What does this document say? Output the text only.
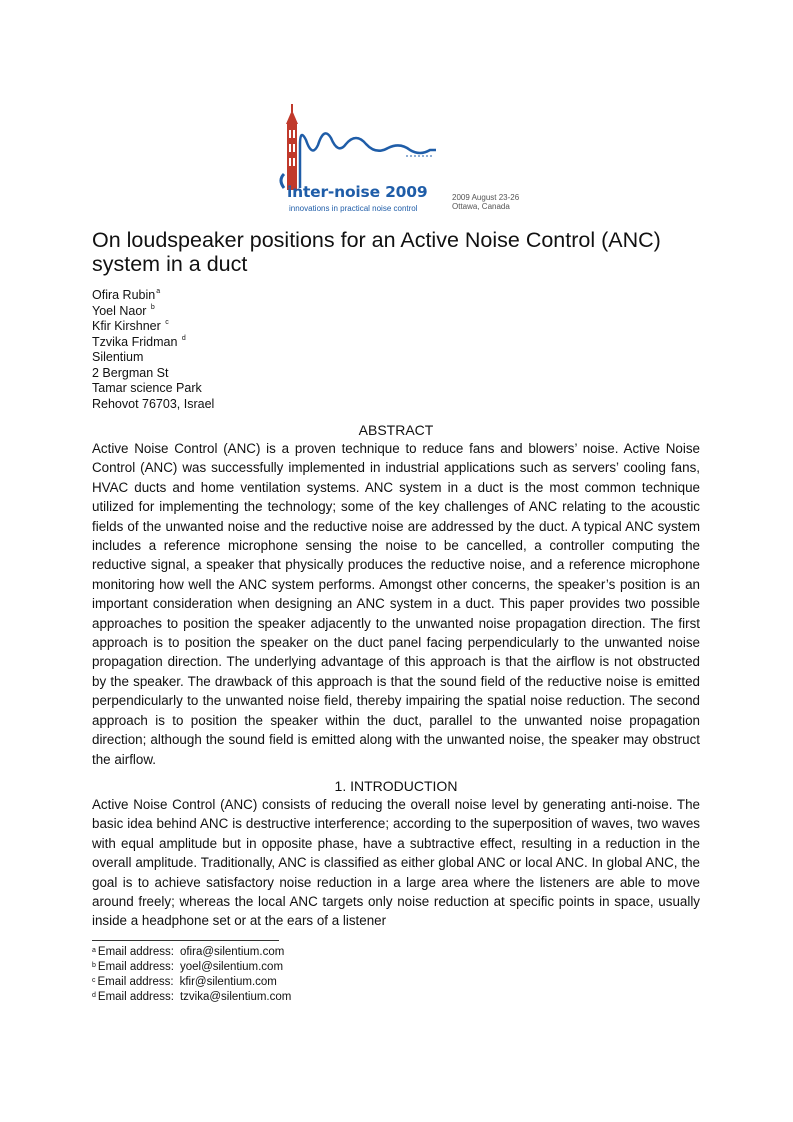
inter-noise 2009
innovations in practical noise control
2009 August 23-26
Ottawa, Canada
On loudspeaker positions for an Active Noise Control (ANC) system in a duct
Ofira Rubin$^a$
Yoel Naor $^b$
Kfir Kirshner $^c$
Tzvika Fridman $^d$
Silentium
2 Bergman St
Tamar science Park
Rehovot 76703, Israel
ABSTRACT

Active Noise Control (ANC) is a proven technique to reduce fans and blowers’ noise. Active Noise Control (ANC) was successfully implemented in industrial applications such as servers’ cooling fans, HVAC ducts and home ventilation systems. ANC system in a duct is the most common technique utilized for implementing the technology; some of the key challenges of ANC relating to the acoustic fields of the unwanted noise and the reductive noise are addressed by the duct. A typical ANC system includes a reference microphone sensing the noise to be cancelled, a controller computing the reductive signal, a speaker that physically produces the reductive noise, and a reference microphone monitoring how well the ANC system performs. Amongst other concerns, the speaker’s position is an important consideration when designing an ANC system in a duct. This paper provides two possible approaches to position the speaker adjacently to the unwanted noise propagation direction. The first approach is to position the speaker on the duct panel facing perpendicularly to the unwanted noise propagation direction. The underlying advantage of this approach is that the airflow is not obstructed by the speaker. The drawback of this approach is that the sound field of the reductive noise is emitted perpendicularly to the unwanted noise field, thereby impairing the spatial noise reduction. The second approach is to position the speaker within the duct, parallel to the unwanted noise propagation direction; although the sound field is emitted along with the unwanted noise, the speaker may obstruct the airflow.

1. INTRODUCTION

Active Noise Control (ANC) consists of reducing the overall noise level by generating anti-noise. The basic idea behind ANC is destructive interference; according to the superposition of waves, two waves with equal amplitude but in opposite phase, have a subtractive effect, resulting in a reduction in the overall amplitude. Traditionally, ANC is classified as either global ANC or local ANC. In global ANC, the goal is to achieve satisfactory noise reduction in a large area where the listeners are able to move around freely; whereas the local ANC targets only noise reduction at specific points in space, usually inside a headphone set or at the ears of a listener

$^a$ Email address: ofira@silentium.com
$^b$ Email address: yoel@silentium.com
$^c$ Email address: kfir@silentium.com
$^d$ Email address: tzvika@silentium.com
